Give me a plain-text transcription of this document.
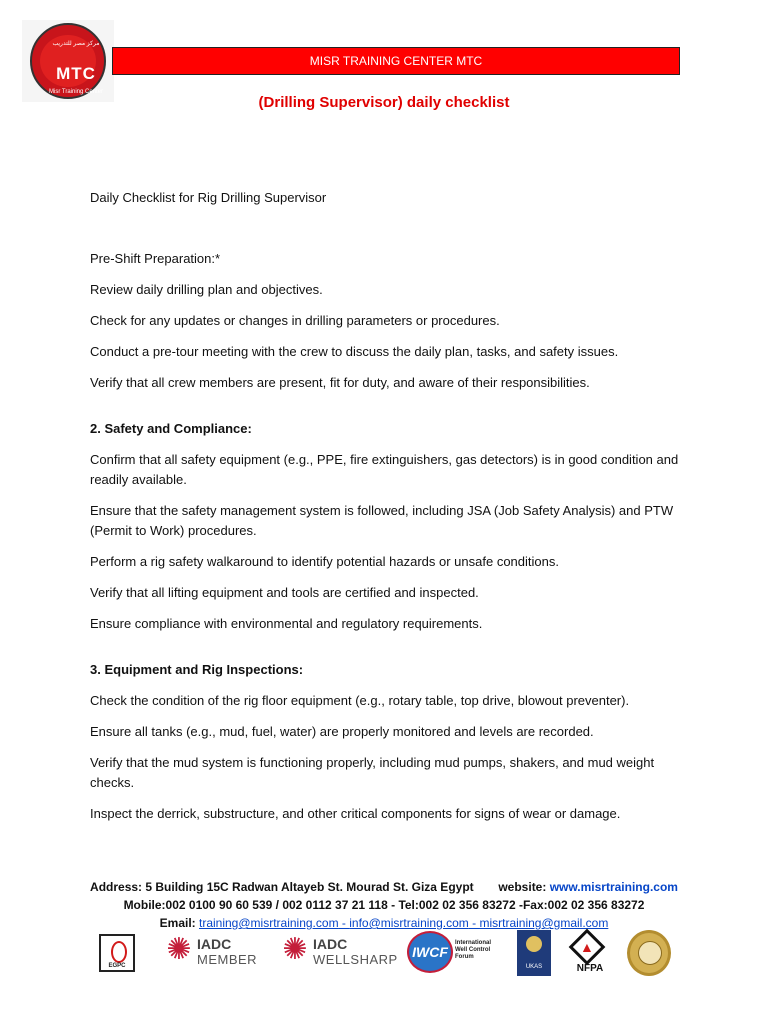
مركز مصر للتدريب
MTC
Misr Training Center
MISR TRAINING CENTER MTC
(Drilling Supervisor) daily checklist

Daily Checklist for Rig Drilling Supervisor

Pre-Shift Preparation:*

Review daily drilling plan and objectives.

Check for any updates or changes in drilling parameters or procedures.

Conduct a pre-tour meeting with the crew to discuss the daily plan, tasks, and safety issues.

Verify that all crew members are present, fit for duty, and aware of their responsibilities.

2. Safety and Compliance:

Confirm that all safety equipment (e.g., PPE, fire extinguishers, gas detectors) is in good condition and readily available.

Ensure that the safety management system is followed, including JSA (Job Safety Analysis) and PTW (Permit to Work) procedures.

Perform a rig safety walkaround to identify potential hazards or unsafe conditions.

Verify that all lifting equipment and tools are certified and inspected.

Ensure compliance with environmental and regulatory requirements.

3. Equipment and Rig Inspections:

Check the condition of the rig floor equipment (e.g., rotary table, top drive, blowout preventer).

Ensure all tanks (e.g., mud, fuel, water) are properly monitored and levels are recorded.

Verify that the mud system is functioning properly, including mud pumps, shakers, and mud weight checks.

Inspect the derrick, substructure, and other critical components for signs of wear or damage.

Address: 5 Building 15C Radwan Altayeb St. Mourad St. Giza Egypt website: www.misrtraining.com
Mobile:002 0100 90 60 539 / 002 0112 37 21 118 - Tel:002 02 356 83272 -Fax:002 02 356 83272
Email: training@misrtraining.com - info@misrtraining.com - misrtraining@gmail.com
EGPC ✺ IADC
MEMBER ✺ IADC
WELLSHARP IWCF
International Well Control Forum
UKAS
▲
NFPA
